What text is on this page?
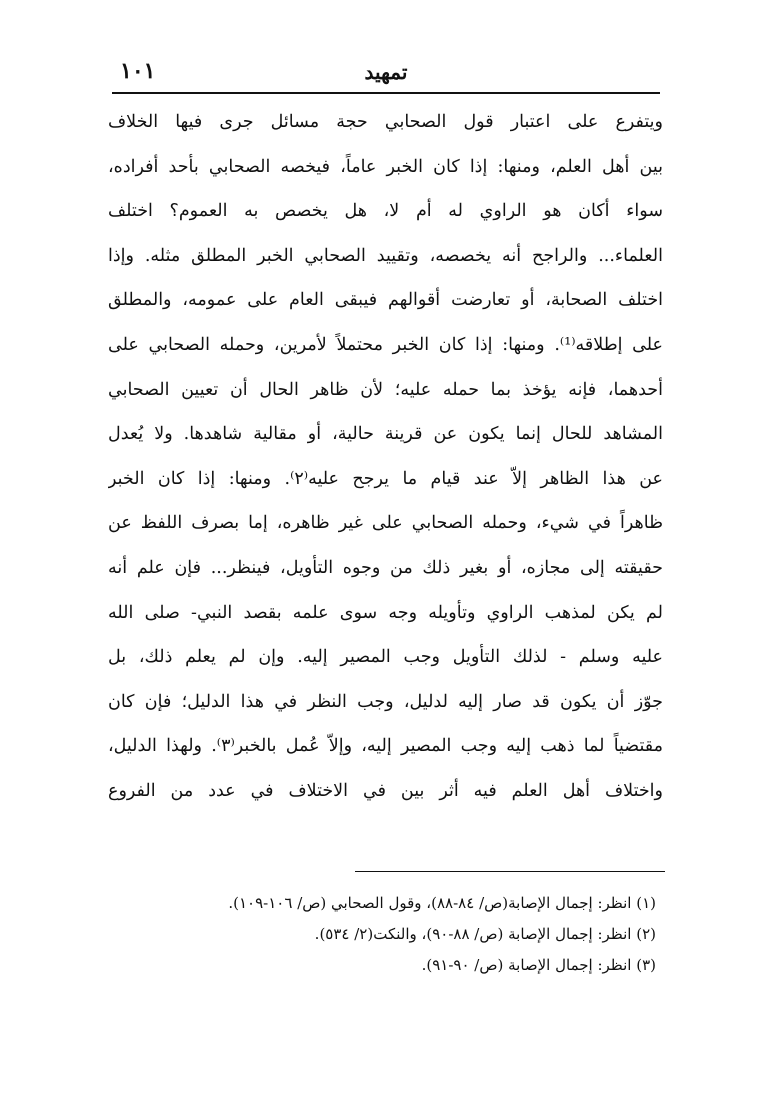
تمهيد
١٠١
ويتفرع على اعتبار قول الصحابي حجة مسائل جرى فيها الخلاف
بين أهل العلم، ومنها: إذا كان الخبر عاماً، فيخصه الصحابي بأحد أفراده،
سواء أكان هو الراوي له أم لا، هل يخصص به العموم؟ اختلف
العلماء... والراجح أنه يخصصه، وتقييد الصحابي الخبر المطلق مثله. وإذا
اختلف الصحابة، أو تعارضت أقوالهم فيبقى العام على عمومه، والمطلق
على إطلاقه⁽¹⁾. ومنها: إذا كان الخبر محتملاً لأمرين، وحمله الصحابي على
أحدهما، فإنه يؤخذ بما حمله عليه؛ لأن ظاهر الحال أن تعيين الصحابي
المشاهد للحال إنما يكون عن قرينة حالية، أو مقالية شاهدها. ولا يُعدل
عن هذا الظاهر إلاّ عند قيام ما يرجح عليه⁽٢⁾. ومنها: إذا كان الخبر
ظاهراً في شيء، وحمله الصحابي على غير ظاهره، إما بصرف اللفظ عن
حقيقته إلى مجازه، أو بغير ذلك من وجوه التأويل، فينظر... فإن علم أنه
لم يكن لمذهب الراوي وتأويله وجه سوى علمه بقصد النبي- صلى الله
عليه وسلم - لذلك التأويل وجب المصير إليه. وإن لم يعلم ذلك، بل
جوّز أن يكون قد صار إليه لدليل، وجب النظر في هذا الدليل؛ فإن كان
مقتضياً لما ذهب إليه وجب المصير إليه، وإلاّ عُمل بالخبر⁽٣⁾. ولهذا الدليل،
واختلاف أهل العلم فيه أثر بين في الاختلاف في عدد من الفروع
(١) انظر: إجمال الإصابة(ص/ ٨٤-٨٨)، وقول الصحابي (ص/ ١٠٦-١٠٩).
(٢) انظر: إجمال الإصابة (ص/ ٨٨-٩٠)، والنكت(٢/ ٥٣٤).
(٣) انظر: إجمال الإصابة (ص/ ٩٠-٩١).
